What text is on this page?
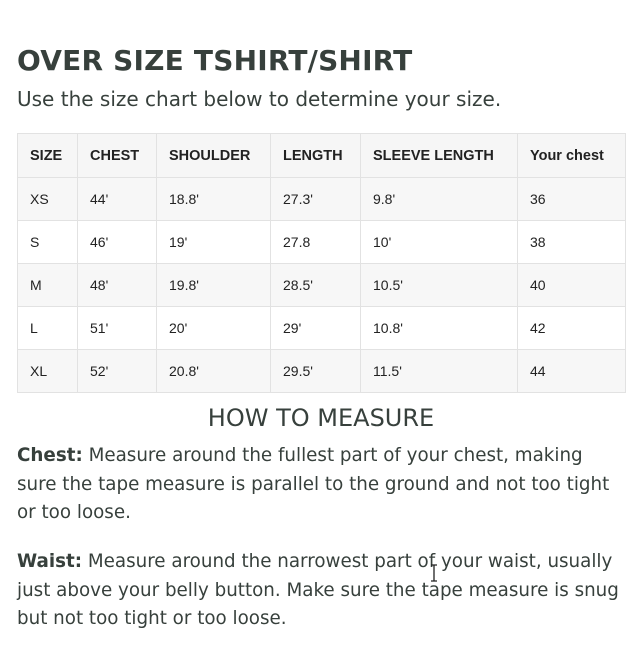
OVER SIZE TSHIRT/SHIRT

Use the size chart below to determine your size.

SIZE	CHEST	SHOULDER	LENGTH	SLEEVE LENGTH	Your chest
XS	44'	18.8'	27.3'	9.8'	36
S	46'	19'	27.8	10'	38
M	48'	19.8'	28.5'	10.5'	40
L	51'	20'	29'	10.8'	42
XL	52'	20.8'	29.5'	11.5'	44
HOW TO MEASURE

Chest: Measure around the fullest part of your chest, making sure the tape measure is parallel to the ground and not too tight or too loose.

Waist: Measure around the narrowest part of your waist, usually just above your belly button. Make sure the tape measure is snug but not too tight or too loose.
